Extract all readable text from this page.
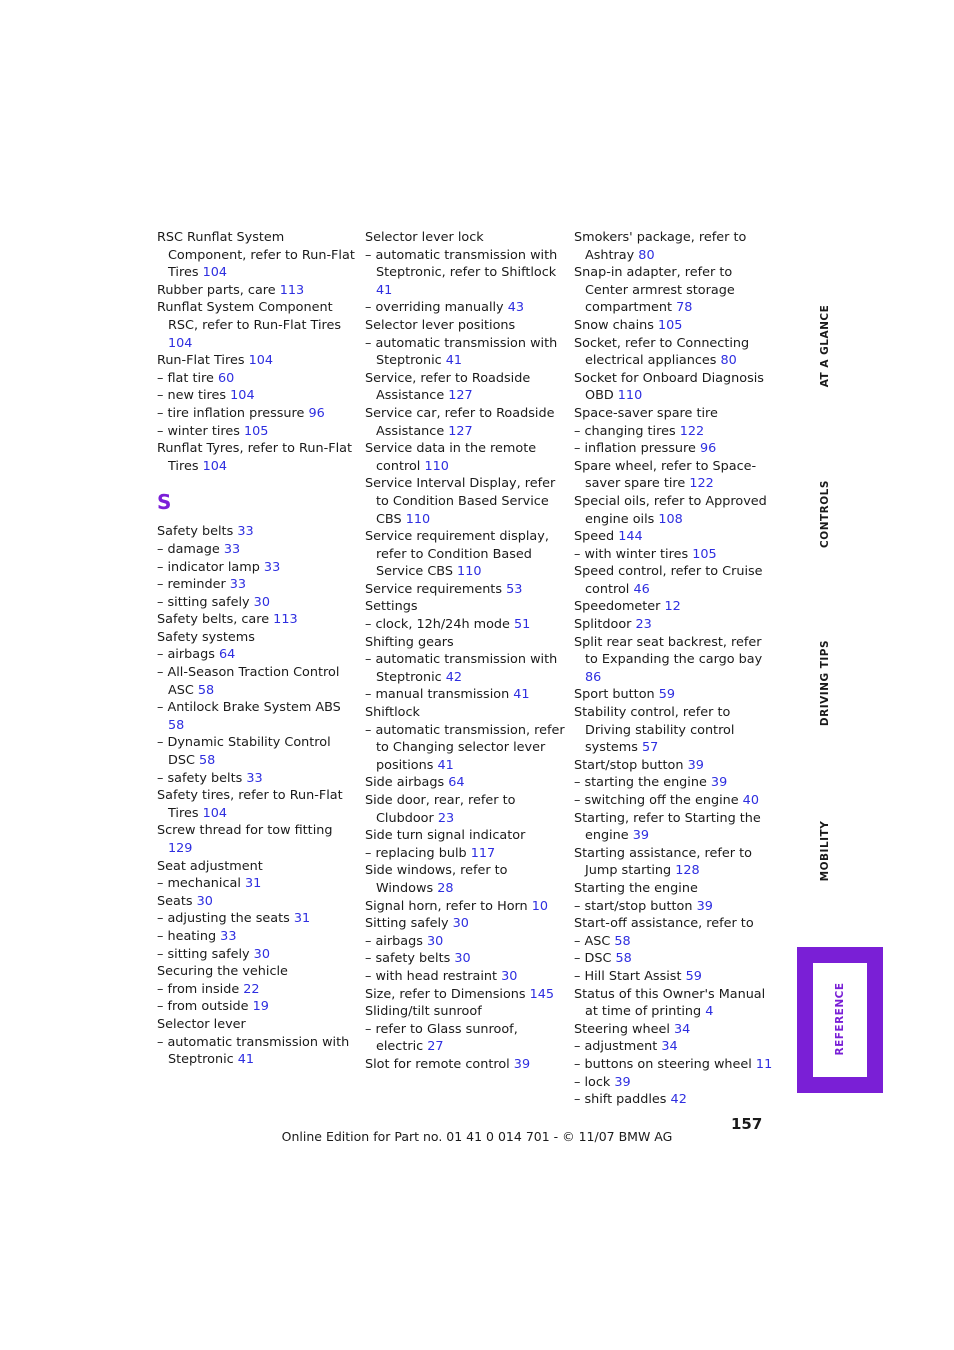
RSC Runflat System Component, refer to Run-Flat Tires 104
Rubber parts, care 113
Runflat System Component RSC, refer to Run-Flat Tires 104
Run-Flat Tires 104
– flat tire 60
– new tires 104
– tire inflation pressure 96
– winter tires 105
Runflat Tyres, refer to Run-Flat Tires 104
S
Safety belts 33
– damage 33
– indicator lamp 33
– reminder 33
– sitting safely 30
Safety belts, care 113
Safety systems
– airbags 64
– All-Season Traction Control ASC 58
– Antilock Brake System ABS 58
– Dynamic Stability Control DSC 58
– safety belts 33
Safety tires, refer to Run-Flat Tires 104
Screw thread for tow fitting 129
Seat adjustment
– mechanical 31
Seats 30
– adjusting the seats 31
– heating 33
– sitting safely 30
Securing the vehicle
– from inside 22
– from outside 19
Selector lever
– automatic transmission with Steptronic 41
Selector lever lock
– automatic transmission with Steptronic, refer to Shiftlock 41
– overriding manually 43
Selector lever positions
– automatic transmission with Steptronic 41
Service, refer to Roadside Assistance 127
Service car, refer to Roadside Assistance 127
Service data in the remote control 110
Service Interval Display, refer to Condition Based Service CBS 110
Service requirement display, refer to Condition Based Service CBS 110
Service requirements 53
Settings
– clock, 12h/24h mode 51
Shifting gears
– automatic transmission with Steptronic 42
– manual transmission 41
Shiftlock
– automatic transmission, refer to Changing selector lever positions 41
Side airbags 64
Side door, rear, refer to Clubdoor 23
Side turn signal indicator
– replacing bulb 117
Side windows, refer to Windows 28
Signal horn, refer to Horn 10
Sitting safely 30
– airbags 30
– safety belts 30
– with head restraint 30
Size, refer to Dimensions 145
Sliding/tilt sunroof
– refer to Glass sunroof, electric 27
Slot for remote control 39
Smokers' package, refer to Ashtray 80
Snap-in adapter, refer to Center armrest storage compartment 78
Snow chains 105
Socket, refer to Connecting electrical appliances 80
Socket for Onboard Diagnosis OBD 110
Space-saver spare tire
– changing tires 122
– inflation pressure 96
Spare wheel, refer to Space-saver spare tire 122
Special oils, refer to Approved engine oils 108
Speed 144
– with winter tires 105
Speed control, refer to Cruise control 46
Speedometer 12
Splitdoor 23
Split rear seat backrest, refer to Expanding the cargo bay 86
Sport button 59
Stability control, refer to Driving stability control systems 57
Start/stop button 39
– starting the engine 39
– switching off the engine 40
Starting, refer to Starting the engine 39
Starting assistance, refer to Jump starting 128
Starting the engine
– start/stop button 39
Start-off assistance, refer to
– ASC 58
– DSC 58
– Hill Start Assist 59
Status of this Owner's Manual at time of printing 4
Steering wheel 34
– adjustment 34
– buttons on steering wheel 11
– lock 39
– shift paddles 42
AT A GLANCE
CONTROLS
DRIVING TIPS
MOBILITY
REFERENCE
157
Online Edition for Part no. 01 41 0 014 701 - © 11/07 BMW AG
